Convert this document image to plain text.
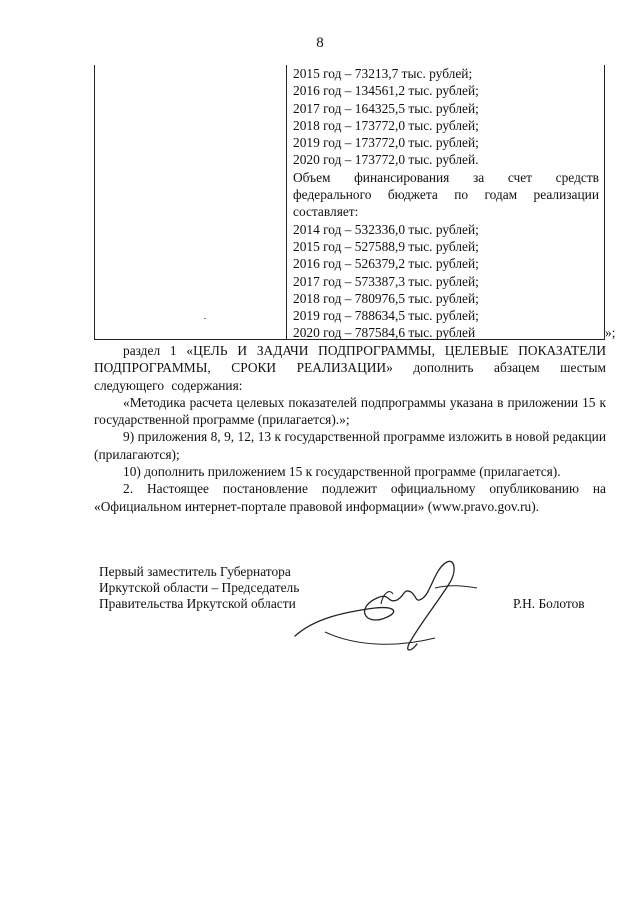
8
2015 год – 73213,7 тыс. рублей;
2016 год – 134561,2 тыс. рублей;
2017 год – 164325,5 тыс. рублей;
2018 год – 173772,0 тыс. рублей;
2019 год – 173772,0 тыс. рублей;
2020 год – 173772,0 тыс. рублей.
Объем финансирования за счет средств федерального бюджета по годам реализации составляет:
2014 год – 532336,0 тыс. рублей;
2015 год – 527588,9 тыс. рублей;
2016 год – 526379,2 тыс. рублей;
2017 год – 573387,3 тыс. рублей;
2018 год – 780976,5 тыс. рублей;
2019 год – 788634,5 тыс. рублей;
2020 год – 787584,6 тыс. рублей	»;

раздел 1 «ЦЕЛЬ И ЗАДАЧИ ПОДПРОГРАММЫ, ЦЕЛЕВЫЕ ПОКАЗАТЕЛИ ПОДПРОГРАММЫ, СРОКИ РЕАЛИЗАЦИИ» дополнить абзацем шестым следующего содержания:

«Методика расчета целевых показателей подпрограммы указана в приложении 15 к государственной программе (прилагается).»;

9) приложения 8, 9, 12, 13 к государственной программе изложить в новой редакции (прилагаются);

10) дополнить приложением 15 к государственной программе (прилагается).

2. Настоящее постановление подлежит официальному опубликованию на «Официальном интернет-портале правовой информации» (www.pravo.gov.ru).

Первый заместитель Губернатора
Иркутской области – Председатель
Правительства Иркутской области	Р.Н. Болотов
